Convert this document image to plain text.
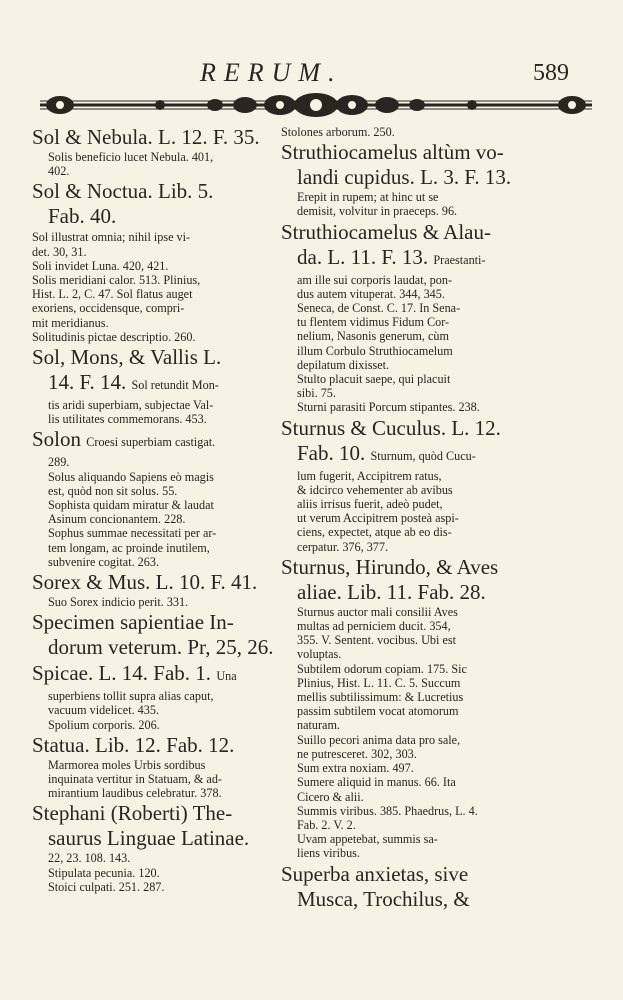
RERUM.	589
Sol & Nebula. L. 12. F. 35.
Solis beneficio lucet Nebula. 401,
402.
Sol & Noctua. Lib. 5.
Fab. 40.
Sol illustrat omnia; nihil ipse vi-
det. 30, 31.
Soli invidet Luna. 420, 421.
Solis meridiani calor. 513. Plinius,
Hist. L. 2, C. 47. Sol flatus auget
exoriens, occidensque, compri-
mit meridianus.
Solitudinis pictae descriptio. 260.
Sol, Mons, & Vallis L.
14. F. 14. Sol retundit Mon-
tis aridi superbiam, subjectae Val-
lis utilitates commemorans. 453.
Solon Croesi superbiam castigat.
289.
Solus aliquando Sapiens eò magis
est, quòd non sit solus. 55.
Sophista quidam miratur & laudat
Asinum concionantem. 228.
Sophus summae necessitati per ar-
tem longam, ac proinde inutilem,
subvenire cogitat. 263.
Sorex & Mus. L. 10. F. 41.
Suo Sorex indicio perit. 331.
Specimen sapientiae In-
dorum veterum. Pr, 25, 26.
Spicae. L. 14. Fab. 1. Una
superbiens tollit supra alias caput,
vacuum videlicet. 435.
Spolium corporis. 206.
Statua. Lib. 12. Fab. 12.
Marmorea moles Urbis sordibus
inquinata vertitur in Statuam, & ad-
mirantium laudibus celebratur. 378.
Stephani (Roberti) The-
saurus Linguae Latinae.
22, 23. 108. 143.
Stipulata pecunia. 120.
Stoici culpati. 251. 287.
Stolones arborum. 250.
Struthiocamelus altùm vo-
landi cupidus. L. 3. F. 13.
Erepit in rupem; at hinc ut se
demisit, volvitur in praeceps. 96.
Struthiocamelus & Alau-
da. L. 11. F. 13. Praestanti-
am ille sui corporis laudat, pon-
dus autem vituperat. 344, 345.
Seneca, de Const. C. 17. In Sena-
tu flentem vidimus Fidum Cor-
nelium, Nasonis generum, cùm
illum Corbulo Struthiocamelum
depilatum dixisset.
Stulto placuit saepe, qui placuit
sibi. 75.
Sturni parasiti Porcum stipantes. 238.
Sturnus & Cuculus. L. 12.
Fab. 10. Sturnum, quòd Cucu-
lum fugerit, Accipitrem ratus,
& idcirco vehementer ab avibus
aliis irrisus fuerit, adeò pudet,
ut verum Accipitrem posteà aspi-
ciens, expectet, atque ab eo dis-
cerpatur. 376, 377.
Sturnus, Hirundo, & Aves
aliae. Lib. 11. Fab. 28.
Sturnus auctor mali consilii Aves
multas ad perniciem ducit. 354,
355. V. Sentent. vocibus. Ubi est
voluptas.
Subtilem odorum copiam. 175. Sic
Plinius, Hist. L. 11. C. 5. Succum
mellis subtilissimum: & Lucretius
passim subtilem vocat atomorum
naturam.
Suillo pecori anima data pro sale,
ne putresceret. 302, 303.
Sum extra noxiam. 497.
Sumere aliquid in manus. 66. Ita
Cicero & alii.
Summis viribus. 385. Phaedrus, L. 4.
Fab. 2. V. 2.
Uvam appetebat, summis sa-
liens viribus.
Superba anxietas, sive
Musca, Trochilus, &
